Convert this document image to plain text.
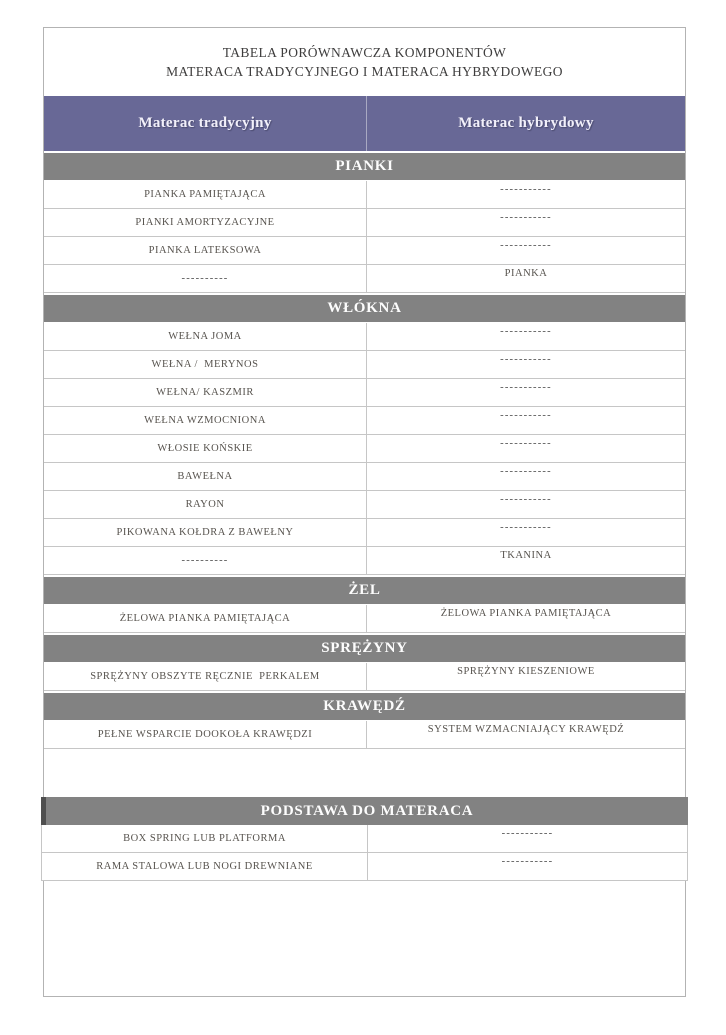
TABELA PORÓWNAWCZA KOMPONENTÓW
MATERACA TRADYCYJNEGO I MATERACA HYBRYDOWEGO
Materac tradycyjny	Materac hybrydowy
PIANKI
PIANKA PAMIĘTAJĄCA	-----------
PIANKI AMORTYZACYJNE	-----------
PIANKA LATEKSOWA	-----------
----------	PIANKA
WŁÓKNA
WEŁNA JOMA	-----------
WEŁNA /  MERYNOS	-----------
WEŁNA/ KASZMIR	-----------
WEŁNA WZMOCNIONA	-----------
WŁOSIE KOŃSKIE	-----------
BAWEŁNA	-----------
RAYON	-----------
PIKOWANA KOŁDRA Z BAWEŁNY	-----------
----------	TKANINA
ŻEL
ŻELOWA PIANKA PAMIĘTAJĄCA	ŻELOWA PIANKA PAMIĘTAJĄCA
SPRĘŻYNY
SPRĘŻYNY OBSZYTE RĘCZNIE  PERKALEM	SPRĘŻYNY KIESZENIOWE
KRAWĘDŹ
PEŁNE WSPARCIE DOOKOŁA KRAWĘDZI	SYSTEM WZMACNIAJĄCY KRAWĘDŹ
PODSTAWA DO MATERACA
BOX SPRING LUB PLATFORMA	-----------
RAMA STALOWA LUB NOGI DREWNIANE	-----------
